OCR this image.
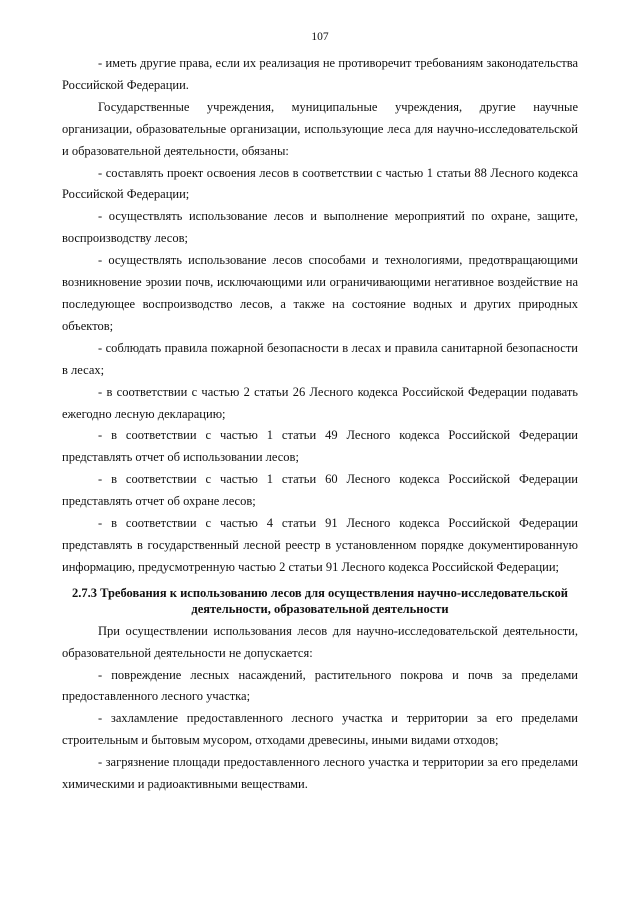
107

- иметь другие права, если их реализация не противоречит требованиям законодательства Российской Федерации.

Государственные учреждения, муниципальные учреждения, другие научные организации, образовательные организации, использующие леса для научно-исследовательской и образовательной деятельности, обязаны:

- составлять проект освоения лесов в соответствии с частью 1 статьи 88 Лесного кодекса Российской Федерации;

- осуществлять использование лесов и выполнение мероприятий по охране, защите, воспроизводству лесов;

- осуществлять использование лесов способами и технологиями, предотвращающими возникновение эрозии почв, исключающими или ограничивающими негативное воздействие на последующее воспроизводство лесов, а также на состояние водных и других природных объектов;

- соблюдать правила пожарной безопасности в лесах и правила санитарной безопасности в лесах;

- в соответствии с частью 2 статьи 26 Лесного кодекса Российской Федерации подавать ежегодно лесную декларацию;

- в соответствии с частью 1 статьи 49 Лесного кодекса Российской Федерации представлять отчет об использовании лесов;

- в соответствии с частью 1 статьи 60 Лесного кодекса Российской Федерации представлять отчет об охране лесов;

- в соответствии с частью 4 статьи 91 Лесного кодекса Российской Федерации представлять в государственный лесной реестр в установленном порядке документированную информацию, предусмотренную частью 2 статьи 91 Лесного кодекса Российской Федерации;

2.7.3 Требования к использованию лесов для осуществления научно-исследовательской деятельности, образовательной деятельности

При осуществлении использования лесов для научно-исследовательской деятельности, образовательной деятельности не допускается:

- повреждение лесных насаждений, растительного покрова и почв за пределами предоставленного лесного участка;

- захламление предоставленного лесного участка и территории за его пределами строительным и бытовым мусором, отходами древесины, иными видами отходов;

- загрязнение площади предоставленного лесного участка и территории за его пределами химическими и радиоактивными веществами.
